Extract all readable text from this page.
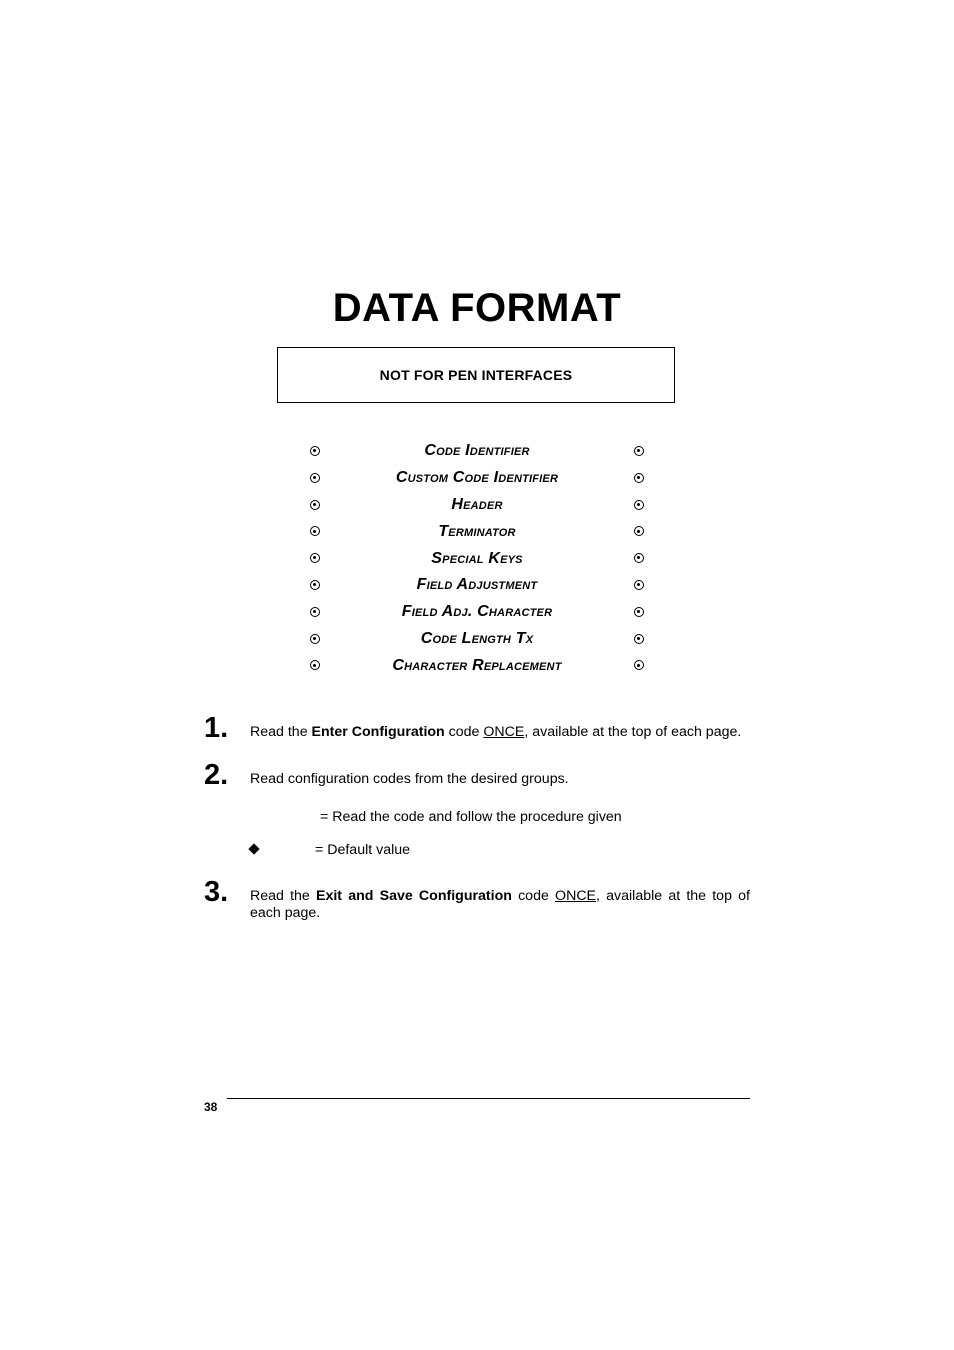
DATA FORMAT
NOT FOR PEN INTERFACES
Code Identifier
Custom Code Identifier
Header
Terminator
Special Keys
Field Adjustment
Field Adj. Character
Code Length Tx
Character Replacement
1. Read the Enter Configuration code ONCE, available at the top of each page.
2. Read configuration codes from the desired groups.
= Read the code and follow the procedure given
= Default value
3. Read the Exit and Save Configuration code ONCE, available at the top of each page.
38
